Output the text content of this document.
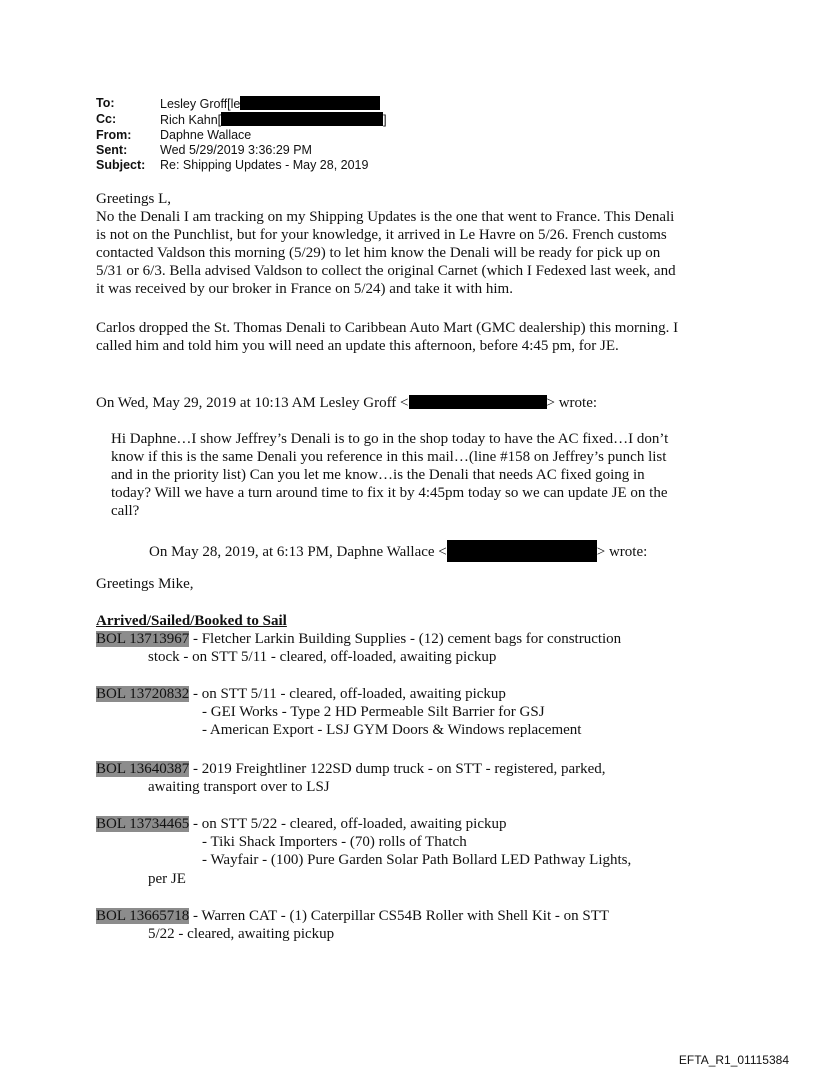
To:	Lesley Groff[le
Cc:	Rich Kahn[	]
From:	Daphne Wallace
Sent:	Wed 5/29/2019 3:36:29 PM
Subject:	Re: Shipping Updates - May 28, 2019
Greetings L,
No the Denali I am tracking on my Shipping Updates is the one that went to France. This Denali
is not on the Punchlist, but for your knowledge, it arrived in Le Havre on 5/26. French customs
contacted Valdson this morning (5/29) to let him know the Denali will be ready for pick up on
5/31 or 6/3. Bella advised Valdson to collect the original Carnet (which I Fedexed last week, and
it was received by our broker in France on 5/24) and take it with him.
Carlos dropped the St. Thomas Denali to Caribbean Auto Mart (GMC dealership) this morning. I
called him and told him you will need an update this afternoon, before 4:45 pm, for JE.
On Wed, May 29, 2019 at 10:13 AM Lesley Groff <	> wrote:
Hi Daphne…I show Jeffrey’s Denali is to go in the shop today to have the AC fixed…I don’t
know if this is the same Denali you reference in this mail…(line #158 on Jeffrey’s punch list
and in the priority list) Can you let me know…is the Denali that needs AC fixed going in
today? Will we have a turn around time to fix it by 4:45pm today so we can update JE on the
call?
On May 28, 2019, at 6:13 PM, Daphne Wallace <	> wrote:
Greetings Mike,
Arrived/Sailed/Booked to Sail
BOL 13713967 - Fletcher Larkin Building Supplies - (12) cement bags for construction
stock - on STT 5/11 - cleared, off-loaded, awaiting pickup
BOL 13720832 - on STT 5/11 - cleared, off-loaded, awaiting pickup
- GEI Works - Type 2 HD Permeable Silt Barrier for GSJ
- American Export - LSJ GYM Doors & Windows replacement
BOL 13640387 - 2019 Freightliner 122SD dump truck - on STT - registered, parked,
awaiting transport over to LSJ
BOL 13734465 - on STT 5/22 - cleared, off-loaded, awaiting pickup
- Tiki Shack Importers - (70) rolls of Thatch
- Wayfair - (100) Pure Garden Solar Path Bollard LED Pathway Lights,
per JE
BOL 13665718 - Warren CAT - (1) Caterpillar CS54B Roller with Shell Kit - on STT
5/22 - cleared, awaiting pickup
EFTA_R1_01115384
